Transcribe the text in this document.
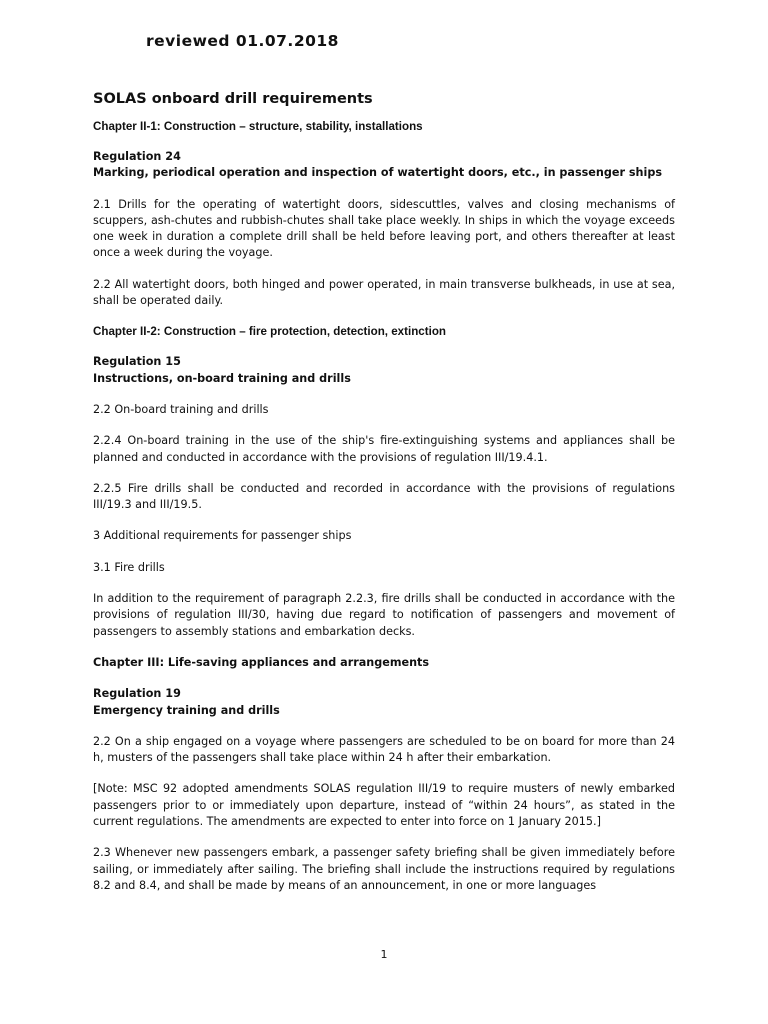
reviewed 01.07.2018

SOLAS onboard drill requirements

Chapter II-1: Construction – structure, stability, installations

Regulation 24

Marking, periodical operation and inspection of watertight doors, etc., in passenger ships

2.1 Drills for the operating of watertight doors, sidescuttles, valves and closing mechanisms of scuppers, ash-chutes and rubbish-chutes shall take place weekly. In ships in which the voyage exceeds one week in duration a complete drill shall be held before leaving port, and others thereafter at least once a week during the voyage.

2.2 All watertight doors, both hinged and power operated, in main transverse bulkheads, in use at sea, shall be operated daily.

Chapter II-2: Construction – fire protection, detection, extinction

Regulation 15

Instructions, on-board training and drills

2.2 On-board training and drills

2.2.4 On-board training in the use of the ship's fire-extinguishing systems and appliances shall be planned and conducted in accordance with the provisions of regulation III/19.4.1.

2.2.5 Fire drills shall be conducted and recorded in accordance with the provisions of regulations III/19.3 and III/19.5.

3 Additional requirements for passenger ships

3.1 Fire drills

In addition to the requirement of paragraph 2.2.3, fire drills shall be conducted in accordance with the provisions of regulation III/30, having due regard to notification of passengers and movement of passengers to assembly stations and embarkation decks.

Chapter III: Life-saving appliances and arrangements

Regulation 19

Emergency training and drills

2.2 On a ship engaged on a voyage where passengers are scheduled to be on board for more than 24 h, musters of the passengers shall take place within 24 h after their embarkation.

[Note: MSC 92 adopted amendments SOLAS regulation III/19 to require musters of newly embarked passengers prior to or immediately upon departure, instead of “within 24 hours”, as stated in the current regulations. The amendments are expected to enter into force on 1 January 2015.]

2.3 Whenever new passengers embark, a passenger safety briefing shall be given immediately before sailing, or immediately after sailing. The briefing shall include the instructions required by regulations 8.2 and 8.4, and shall be made by means of an announcement, in one or more languages

1
